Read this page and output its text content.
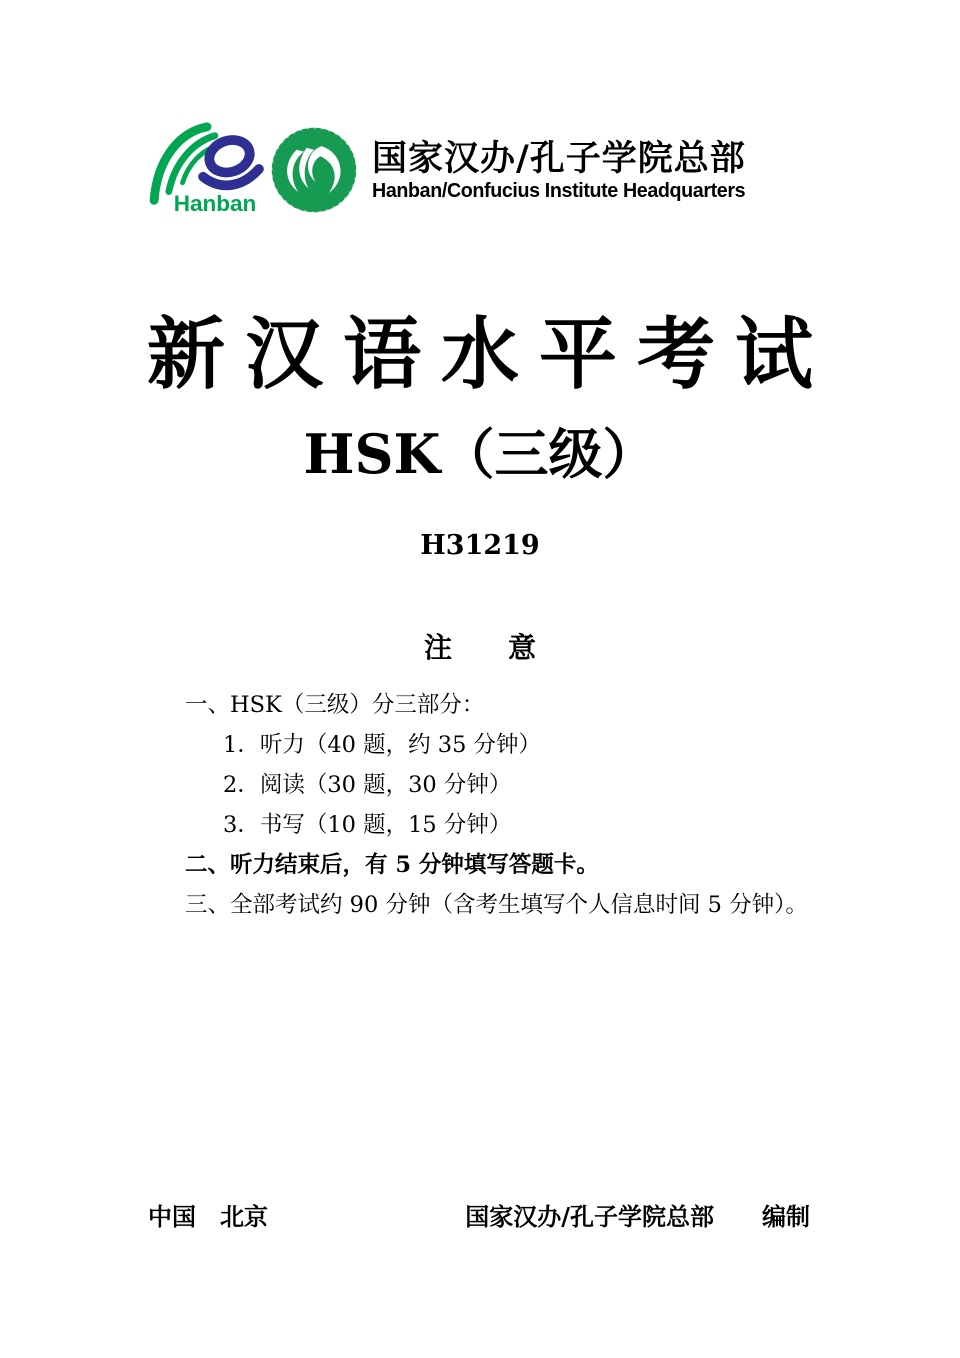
Hanban
国家汉办/孔子学院总部
Hanban/Confucius Institute Headquarters
新汉语水平考试
HSK（三级）
H31219
注　　意
一、HSK（三级）分三部分：
1．听力（40 题，约 35 分钟）
2．阅读（30 题，30 分钟）
3．书写（10 题，15 分钟）
二、听力结束后，有 5 分钟填写答题卡。
三、全部考试约 90 分钟（含考生填写个人信息时间 5 分钟）。
中国　北京	国家汉办/孔子学院总部　　编制
